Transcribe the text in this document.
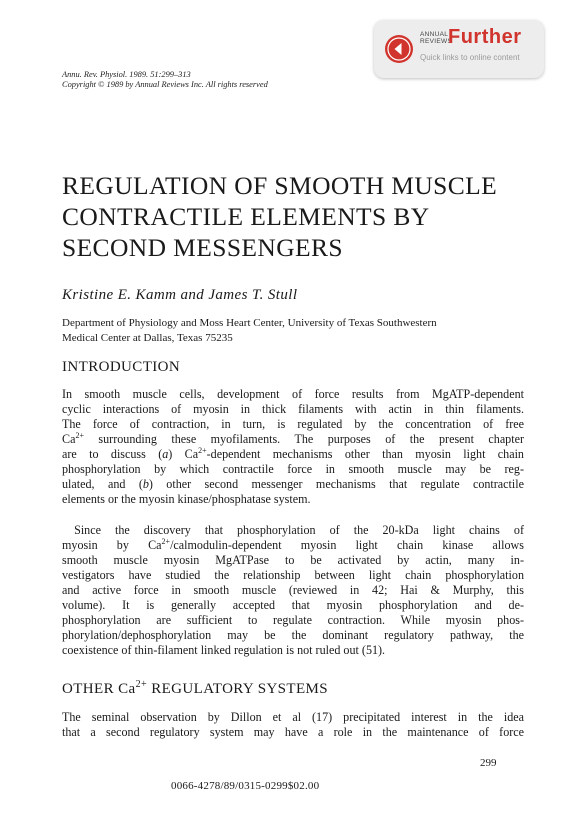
ANNUAL
REVIEWS
Further
Quick links to online content
Annu. Rev. Physiol. 1989. 51:299–313
Copyright © 1989 by Annual Reviews Inc. All rights reserved
REGULATION OF SMOOTH MUSCLE
CONTRACTILE ELEMENTS BY
SECOND MESSENGERS
Kristine E. Kamm and James T. Stull
Department of Physiology and Moss Heart Center, University of Texas Southwestern
Medical Center at Dallas, Texas 75235
INTRODUCTION
In smooth muscle cells, development of force results from MgATP-dependent
cyclic interactions of myosin in thick filaments with actin in thin filaments.
The force of contraction, in turn, is regulated by the concentration of free
$Ca^{2+}$ surrounding these myofilaments. The purposes of the present chapter
are to discuss (a) $Ca^{2+}$-dependent mechanisms other than myosin light chain
phosphorylation by which contractile force in smooth muscle may be reg-
ulated, and (b) other second messenger mechanisms that regulate contractile
elements or the myosin kinase/phosphatase system.
 Since the discovery that phosphorylation of the 20-kDa light chains of
myosin by $Ca^{2+}/calmodulin$-dependent myosin light chain kinase allows
smooth muscle myosin MgATPase to be activated by actin, many in-
vestigators have studied the relationship between light chain phosphorylation
and active force in smooth muscle (reviewed in 42; Hai & Murphy, this
volume). It is generally accepted that myosin phosphorylation and de-
phosphorylation are sufficient to regulate contraction. While myosin phos-
phorylation/dephosphorylation may be the dominant regulatory pathway, the
coexistence of thin-filament linked regulation is not ruled out (51).
OTHER $Ca^{2+}$ REGULATORY SYSTEMS
The seminal observation by Dillon et al (17) precipitated interest in the idea
that a second regulatory system may have a role in the maintenance of force
299
0066-4278/89/0315-0299$02.00
